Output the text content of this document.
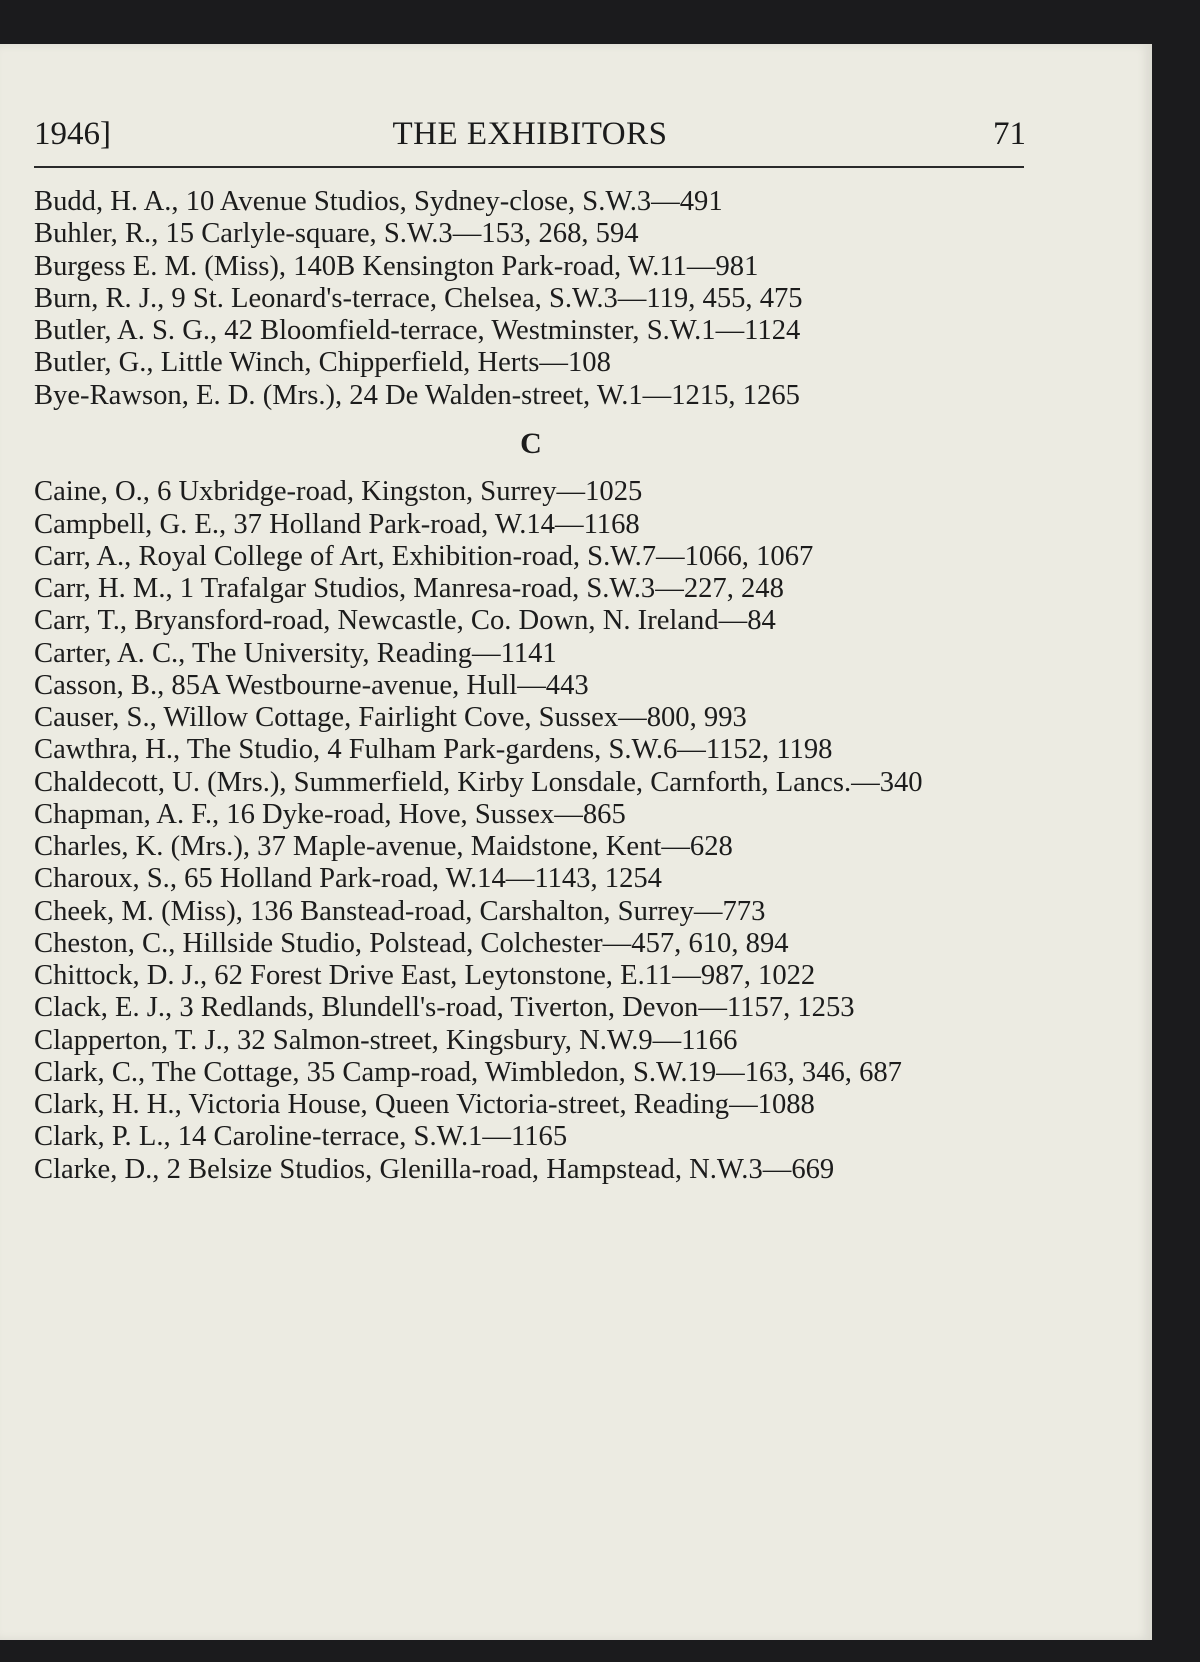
1946]	THE EXHIBITORS	71
Budd, H. A., 10 Avenue Studios, Sydney-close, S.W.3—491
Buhler, R., 15 Carlyle-square, S.W.3—153, 268, 594
Burgess E. M. (Miss), 140B Kensington Park-road, W.11—981
Burn, R. J., 9 St. Leonard's-terrace, Chelsea, S.W.3—119, 455, 475
Butler, A. S. G., 42 Bloomfield-terrace, Westminster, S.W.1—1124
Butler, G., Little Winch, Chipperfield, Herts—108
Bye-Rawson, E. D. (Mrs.), 24 De Walden-street, W.1—1215, 1265
C
Caine, O., 6 Uxbridge-road, Kingston, Surrey—1025
Campbell, G. E., 37 Holland Park-road, W.14—1168
Carr, A., Royal College of Art, Exhibition-road, S.W.7—1066, 1067
Carr, H. M., 1 Trafalgar Studios, Manresa-road, S.W.3—227, 248
Carr, T., Bryansford-road, Newcastle, Co. Down, N. Ireland—84
Carter, A. C., The University, Reading—1141
Casson, B., 85A Westbourne-avenue, Hull—443
Causer, S., Willow Cottage, Fairlight Cove, Sussex—800, 993
Cawthra, H., The Studio, 4 Fulham Park-gardens, S.W.6—1152, 1198
Chaldecott, U. (Mrs.), Summerfield, Kirby Lonsdale, Carnforth, Lancs.—340
Chapman, A. F., 16 Dyke-road, Hove, Sussex—865
Charles, K. (Mrs.), 37 Maple-avenue, Maidstone, Kent—628
Charoux, S., 65 Holland Park-road, W.14—1143, 1254
Cheek, M. (Miss), 136 Banstead-road, Carshalton, Surrey—773
Cheston, C., Hillside Studio, Polstead, Colchester—457, 610, 894
Chittock, D. J., 62 Forest Drive East, Leytonstone, E.11—987, 1022
Clack, E. J., 3 Redlands, Blundell's-road, Tiverton, Devon—1157, 1253
Clapperton, T. J., 32 Salmon-street, Kingsbury, N.W.9—1166
Clark, C., The Cottage, 35 Camp-road, Wimbledon, S.W.19—163, 346, 687
Clark, H. H., Victoria House, Queen Victoria-street, Reading—1088
Clark, P. L., 14 Caroline-terrace, S.W.1—1165
Clarke, D., 2 Belsize Studios, Glenilla-road, Hampstead, N.W.3—669
